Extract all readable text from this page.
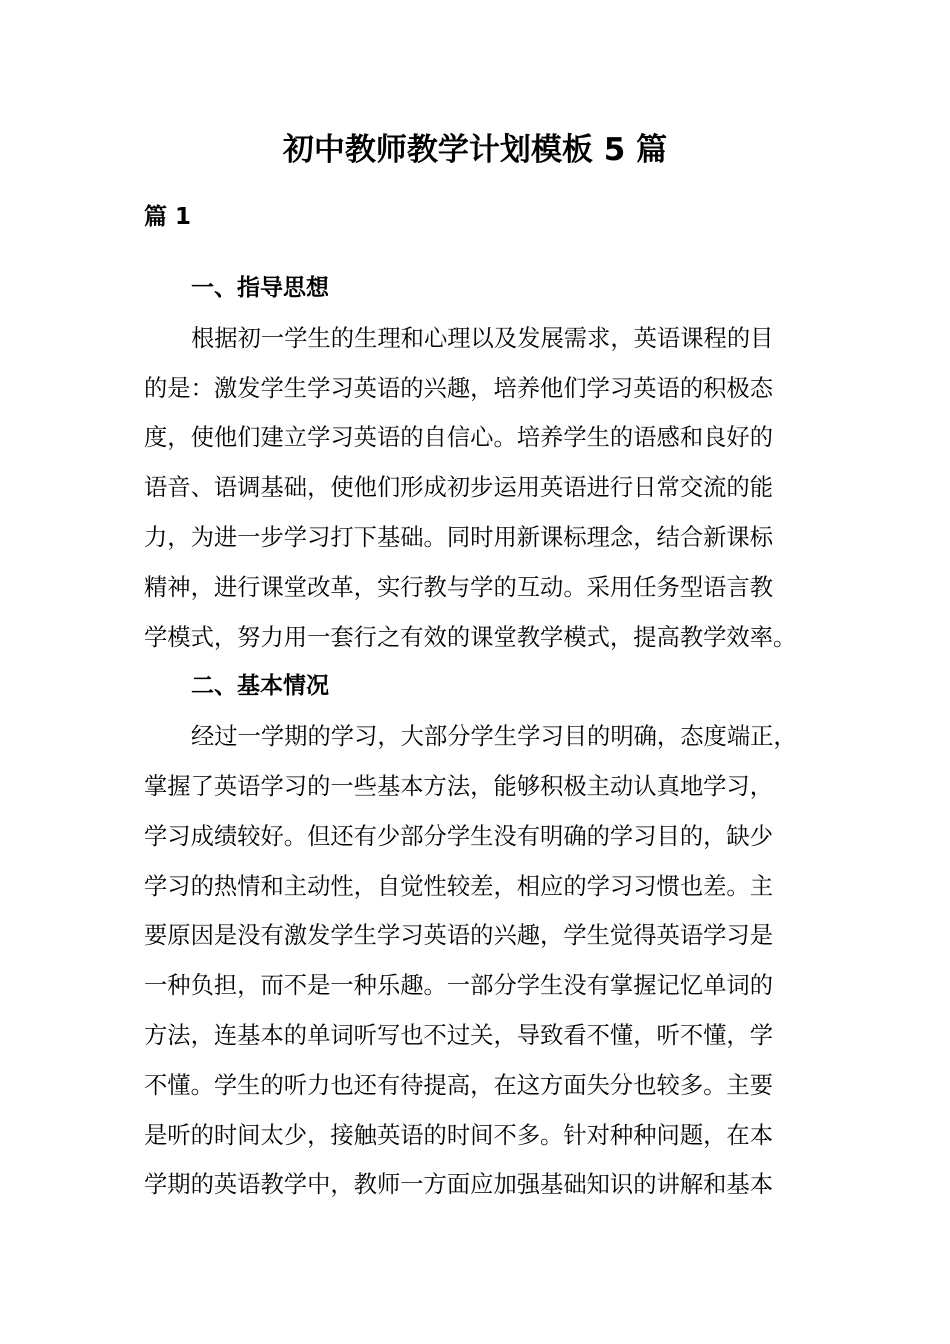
初中教师教学计划模板 5 篇
篇 1
一、指导思想
根据初一学生的生理和心理以及发展需求，英语课程的目
的是：激发学生学习英语的兴趣，培养他们学习英语的积极态
度，使他们建立学习英语的自信心。培养学生的语感和良好的
语音、语调基础，使他们形成初步运用英语进行日常交流的能
力，为进一步学习打下基础。同时用新课标理念，结合新课标
精神，进行课堂改革，实行教与学的互动。采用任务型语言教
学模式，努力用一套行之有效的课堂教学模式，提高教学效率。
二、基本情况
经过一学期的学习，大部分学生学习目的明确，态度端正，
掌握了英语学习的一些基本方法，能够积极主动认真地学习，
学习成绩较好。但还有少部分学生没有明确的学习目的，缺少
学习的热情和主动性，自觉性较差，相应的学习习惯也差。主
要原因是没有激发学生学习英语的兴趣，学生觉得英语学习是
一种负担，而不是一种乐趣。一部分学生没有掌握记忆单词的
方法，连基本的单词听写也不过关，导致看不懂，听不懂，学
不懂。学生的听力也还有待提高，在这方面失分也较多。主要
是听的时间太少，接触英语的时间不多。针对种种问题，在本
学期的英语教学中，教师一方面应加强基础知识的讲解和基本
